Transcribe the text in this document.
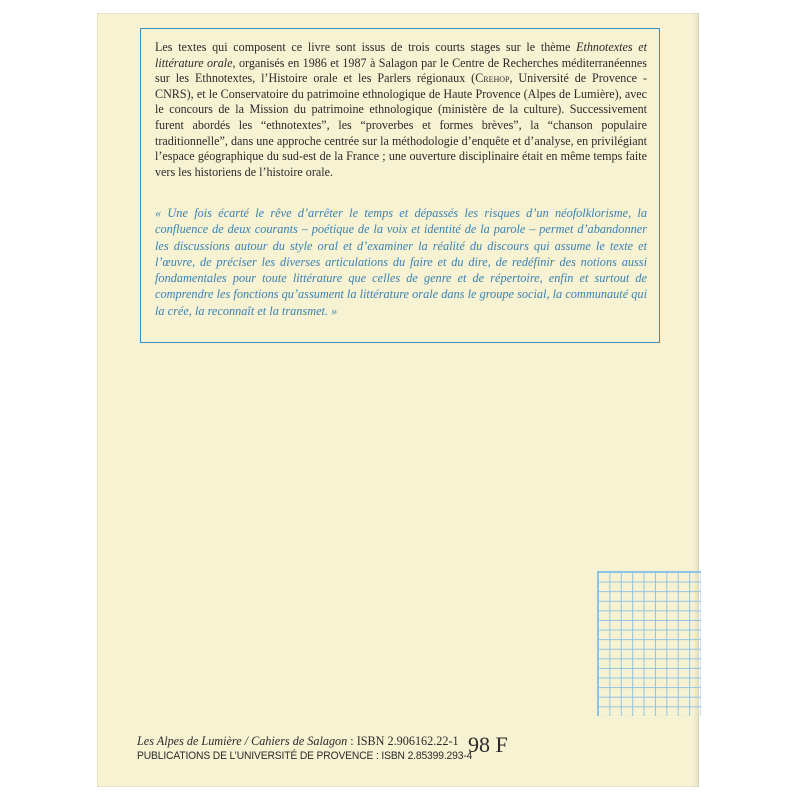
Les textes qui composent ce livre sont issus de trois courts stages sur le thème Ethnotextes et littérature orale, organisés en 1986 et 1987 à Salagon par le Centre de Recherches méditerranéennes sur les Ethnotextes, l’Histoire orale et les Parlers régionaux (Crehop, Université de Provence - CNRS), et le Conservatoire du patrimoine ethnologique de Haute Provence (Alpes de Lumière), avec le concours de la Mission du patrimoine ethnologique (ministère de la culture). Successivement furent abordés les “ethnotextes”, les “proverbes et formes brèves”, la “chanson populaire traditionnelle”, dans une approche centrée sur la méthodologie d’enquête et d’analyse, en privilégiant l’espace géographique du sud-est de la France ; une ouverture disciplinaire était en même temps faite vers les historiens de l’histoire orale.
« Une fois écarté le rêve d’arrêter le temps et dépassés les risques d’un néofolklorisme, la confluence de deux courants – poétique de la voix et identité de la parole – permet d’abandonner les discussions autour du style oral et d’examiner la réalité du discours qui assume le texte et l’œuvre, de préciser les diverses articulations du faire et du dire, de redéfinir des notions aussi fondamentales pour toute littérature que celles de genre et de répertoire, enfin et surtout de comprendre les fonctions qu’assument la littérature orale dans le groupe social, la communauté qui la crée, la reconnaît et la transmet. »
Les Alpes de Lumière / Cahiers de Salagon : ISBN 2.906162.22-1
PUBLICATIONS DE L’UNIVERSITÉ DE PROVENCE : ISBN 2.85399.293-4
98 F
